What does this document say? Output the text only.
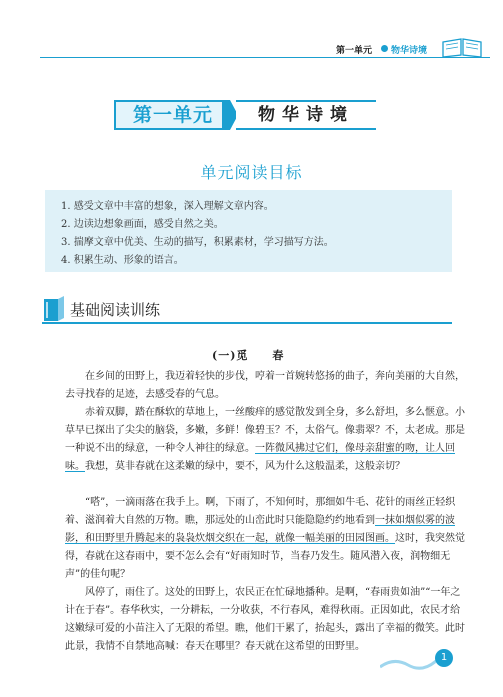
第一单元 物华诗境
第一单元	物华诗境
单元阅读目标
1. 感受文章中丰富的想象，深入理解文章内容。
2. 边读边想象画面，感受自然之美。
3. 揣摩文章中优美、生动的描写，积累素材，学习描写方法。
4. 积累生动、形象的语言。
基础阅读训练
(一)觅　　春

在乡间的田野上，我迈着轻快的步伐，哼着一首婉转悠扬的曲子，奔向美丽的大自然，去寻找春的足迹，去感受春的气息。

赤着双脚，踏在酥软的草地上，一丝酸痒的感觉散发到全身，多么舒坦，多么惬意。小草早已探出了尖尖的脑袋，多嫩，多鲜！像碧玉？不，太俗气。像翡翠？不，太老成。那是一种说不出的绿意，一种令人神往的绿意。一阵微风拂过它们，像母亲甜蜜的吻，让人回味。我想，莫非春就在这柔嫩的绿中，要不，风为什么这般温柔，这般亲切？

“嗒”，一滴雨落在我手上。啊，下雨了，不知何时，那细如牛毛、花针的雨丝正轻织着、滋润着大自然的万物。瞧，那远处的山峦此时只能隐隐约约地看到一抹如烟似雾的波影，和田野里升腾起来的袅袅炊烟交织在一起，就像一幅美丽的田园图画。这时，我突然觉得，春就在这春雨中，要不怎么会有“好雨知时节，当春乃发生。随风潜入夜，润物细无声”的佳句呢？

风停了，雨住了。这处的田野上，农民正在忙碌地播种。是啊，“春雨贵如油”“一年之计在于春”。春华秋实，一分耕耘，一分收获，不行春风，难得秋雨。正因如此，农民才给这嫩绿可爱的小苗注入了无限的希望。瞧，他们干累了，抬起头，露出了幸福的微笑。此时此景，我情不自禁地高喊：春天在哪里？春天就在这希望的田野里。

1
